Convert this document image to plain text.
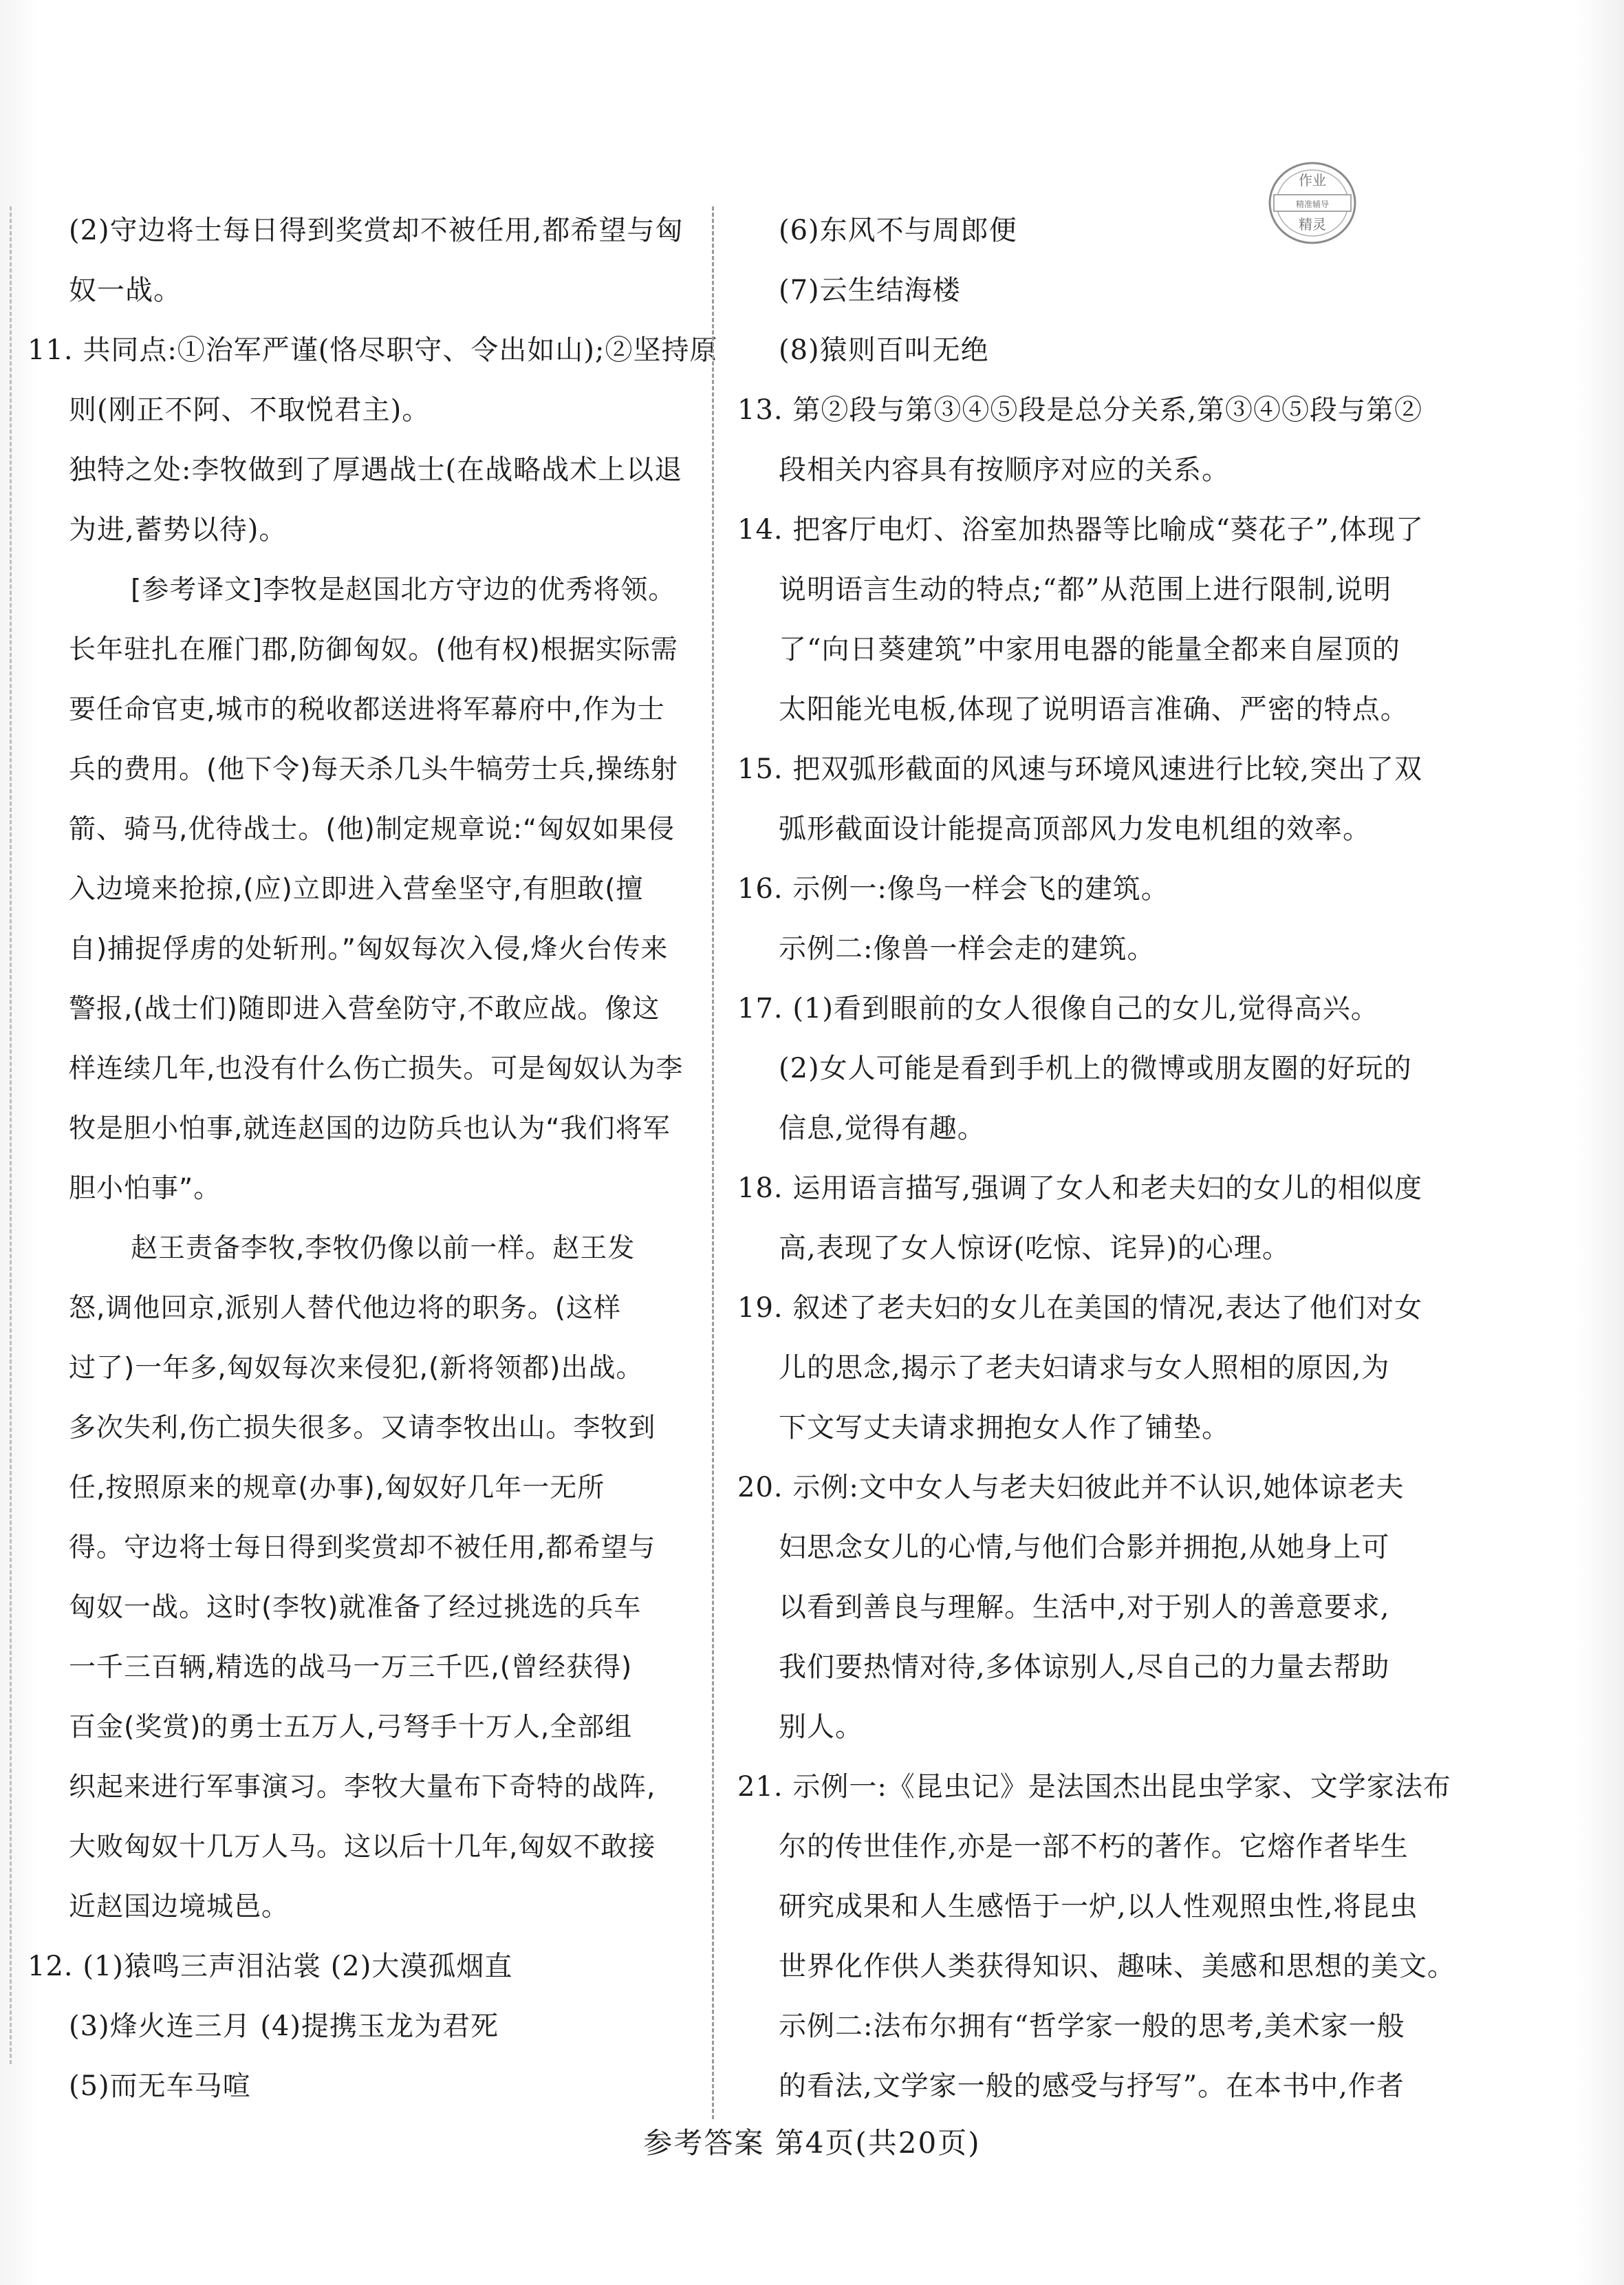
作业
精准辅导
精灵
(2)守边将士每日得到奖赏却不被任用,都希望与匈
奴一战。
11. 共同点:①治军严谨(恪尽职守、令出如山);②坚持原
则(刚正不阿、不取悦君主)。
独特之处:李牧做到了厚遇战士(在战略战术上以退
为进,蓄势以待)。
[参考译文]李牧是赵国北方守边的优秀将领。
长年驻扎在雁门郡,防御匈奴。(他有权)根据实际需
要任命官吏,城市的税收都送进将军幕府中,作为士
兵的费用。(他下令)每天杀几头牛犒劳士兵,操练射
箭、骑马,优待战士。(他)制定规章说:“匈奴如果侵
入边境来抢掠,(应)立即进入营垒坚守,有胆敢(擅
自)捕捉俘虏的处斩刑。”匈奴每次入侵,烽火台传来
警报,(战士们)随即进入营垒防守,不敢应战。像这
样连续几年,也没有什么伤亡损失。可是匈奴认为李
牧是胆小怕事,就连赵国的边防兵也认为“我们将军
胆小怕事”。
赵王责备李牧,李牧仍像以前一样。赵王发
怒,调他回京,派别人替代他边将的职务。(这样
过了)一年多,匈奴每次来侵犯,(新将领都)出战。
多次失利,伤亡损失很多。又请李牧出山。李牧到
任,按照原来的规章(办事),匈奴好几年一无所
得。守边将士每日得到奖赏却不被任用,都希望与
匈奴一战。这时(李牧)就准备了经过挑选的兵车
一千三百辆,精选的战马一万三千匹,(曾经获得)
百金(奖赏)的勇士五万人,弓弩手十万人,全部组
织起来进行军事演习。李牧大量布下奇特的战阵,
大败匈奴十几万人马。这以后十几年,匈奴不敢接
近赵国边境城邑。
12. (1)猿鸣三声泪沾裳 (2)大漠孤烟直
(3)烽火连三月 (4)提携玉龙为君死
(5)而无车马喧
(6)东风不与周郎便
(7)云生结海楼
(8)猿则百叫无绝
13. 第②段与第③④⑤段是总分关系,第③④⑤段与第②
段相关内容具有按顺序对应的关系。
14. 把客厅电灯、浴室加热器等比喻成“葵花子”,体现了
说明语言生动的特点;“都”从范围上进行限制,说明
了“向日葵建筑”中家用电器的能量全都来自屋顶的
太阳能光电板,体现了说明语言准确、严密的特点。
15. 把双弧形截面的风速与环境风速进行比较,突出了双
弧形截面设计能提高顶部风力发电机组的效率。
16. 示例一:像鸟一样会飞的建筑。
示例二:像兽一样会走的建筑。
17. (1)看到眼前的女人很像自己的女儿,觉得高兴。
(2)女人可能是看到手机上的微博或朋友圈的好玩的
信息,觉得有趣。
18. 运用语言描写,强调了女人和老夫妇的女儿的相似度
高,表现了女人惊讶(吃惊、诧异)的心理。
19. 叙述了老夫妇的女儿在美国的情况,表达了他们对女
儿的思念,揭示了老夫妇请求与女人照相的原因,为
下文写丈夫请求拥抱女人作了铺垫。
20. 示例:文中女人与老夫妇彼此并不认识,她体谅老夫
妇思念女儿的心情,与他们合影并拥抱,从她身上可
以看到善良与理解。生活中,对于别人的善意要求,
我们要热情对待,多体谅别人,尽自己的力量去帮助
别人。
21. 示例一:《昆虫记》是法国杰出昆虫学家、文学家法布
尔的传世佳作,亦是一部不朽的著作。它熔作者毕生
研究成果和人生感悟于一炉,以人性观照虫性,将昆虫
世界化作供人类获得知识、趣味、美感和思想的美文。
示例二:法布尔拥有“哲学家一般的思考,美术家一般
的看法,文学家一般的感受与抒写”。在本书中,作者
参考答案 第4页(共20页)
